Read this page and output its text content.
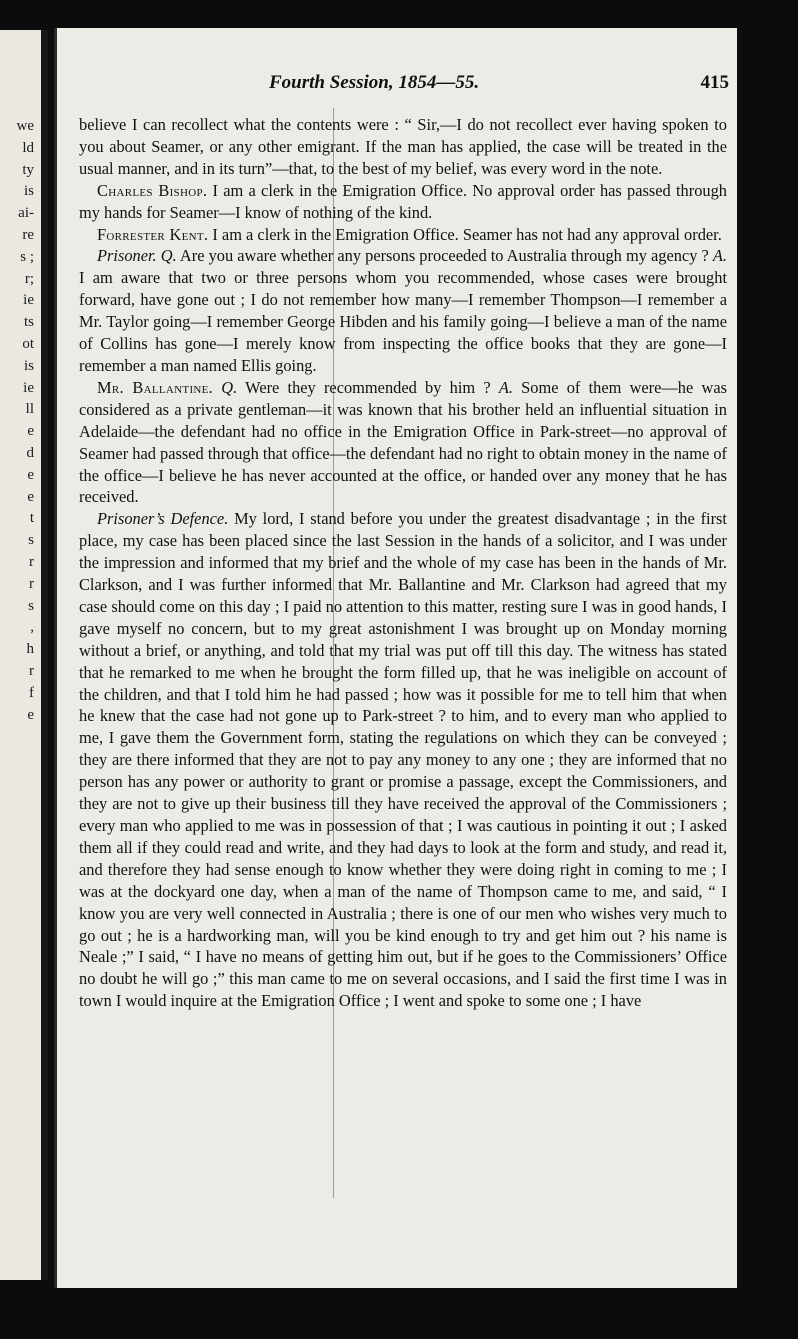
we
ld
ty
is
ai-
re
s ;
r;
ie
ts
ot
is
ie
ll
e
d
e
e
t
s
r
r
s
,
h
r
f
e
Fourth Session, 1854—55.	415

believe I can recollect what the contents were : “ Sir,—I do not recollect ever having spoken to you about Seamer, or any other emigrant. If the man has applied, the case will be treated in the usual manner, and in its turn”—that, to the best of my belief, was every word in the note.

Charles Bishop. I am a clerk in the Emigration Office. No approval order has passed through my hands for Seamer—I know of nothing of the kind.

Forrester Kent. I am a clerk in the Emigration Office. Seamer has not had any approval order.

Prisoner. Q. Are you aware whether any persons proceeded to Australia through my agency ? A. I am aware that two or three persons whom you recommended, whose cases were brought forward, have gone out ; I do not remember how many—I remember Thompson—I remember a Mr. Taylor going—I remember George Hibden and his family going—I believe a man of the name of Collins has gone—I merely know from inspecting the office books that they are gone—I remember a man named Ellis going.

Mr. Ballantine. Q. Were they recommended by him ? A. Some of them were—he was considered as a private gentleman—it was known that his brother held an influential situation in Adelaide—the defendant had no office in the Emigration Office in Park-street—no approval of Seamer had passed through that office—the defendant had no right to obtain money in the name of the office—I believe he has never accounted at the office, or handed over any money that he has received.

Prisoner’s Defence. My lord, I stand before you under the greatest disadvantage ; in the first place, my case has been placed since the last Session in the hands of a solicitor, and I was under the impression and informed that my brief and the whole of my case has been in the hands of Mr. Clarkson, and I was further informed that Mr. Ballantine and Mr. Clarkson had agreed that my case should come on this day ; I paid no attention to this matter, resting sure I was in good hands, I gave myself no concern, but to my great astonishment I was brought up on Monday morning without a brief, or anything, and told that my trial was put off till this day. The witness has stated that he remarked to me when he brought the form filled up, that he was ineligible on account of the children, and that I told him he had passed ; how was it possible for me to tell him that when he knew that the case had not gone up to Park-street ? to him, and to every man who applied to me, I gave them the Government form, stating the regulations on which they can be conveyed ; they are there informed that they are not to pay any money to any one ; they are informed that no person has any power or authority to grant or promise a passage, except the Commissioners, and they are not to give up their business till they have received the approval of the Commissioners ; every man who applied to me was in possession of that ; I was cautious in pointing it out ; I asked them all if they could read and write, and they had days to look at the form and study, and read it, and therefore they had sense enough to know whether they were doing right in coming to me ; I was at the dockyard one day, when a man of the name of Thompson came to me, and said, “ I know you are very well connected in Australia ; there is one of our men who wishes very much to go out ; he is a hardworking man, will you be kind enough to try and get him out ? his name is Neale ;” I said, “ I have no means of getting him out, but if he goes to the Commissioners’ Office no doubt he will go ;” this man came to me on several occasions, and I said the first time I was in town I would inquire at the Emigration Office ; I went and spoke to some one ; I have
